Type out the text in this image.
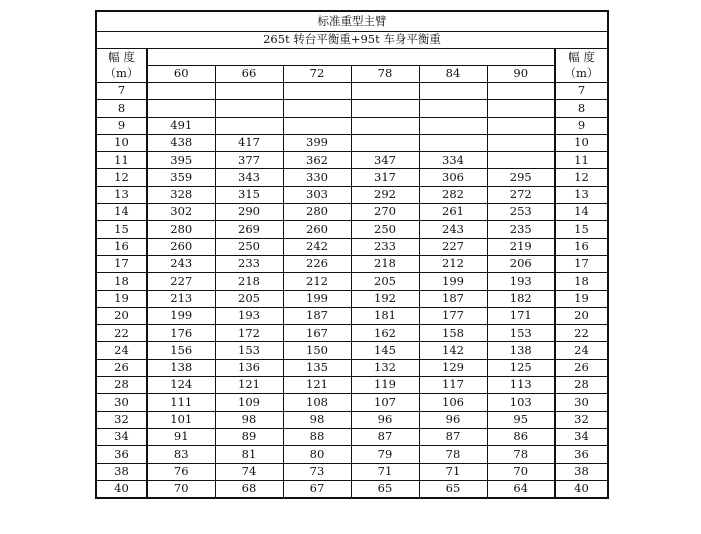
标准重型主臂							
265t 转台平衡重+95t 车身平衡重							
幅 度							幅 度
（m）	60	66	72	78	84	90	（m）
7							7
8							8
9	491						9
10	438	417	399				10
11	395	377	362	347	334		11
12	359	343	330	317	306	295	12
13	328	315	303	292	282	272	13
14	302	290	280	270	261	253	14
15	280	269	260	250	243	235	15
16	260	250	242	233	227	219	16
17	243	233	226	218	212	206	17
18	227	218	212	205	199	193	18
19	213	205	199	192	187	182	19
20	199	193	187	181	177	171	20
22	176	172	167	162	158	153	22
24	156	153	150	145	142	138	24
26	138	136	135	132	129	125	26
28	124	121	121	119	117	113	28
30	111	109	108	107	106	103	30
32	101	98	98	96	96	95	32
34	91	89	88	87	87	86	34
36	83	81	80	79	78	78	36
38	76	74	73	71	71	70	38
40	70	68	67	65	65	64	40
